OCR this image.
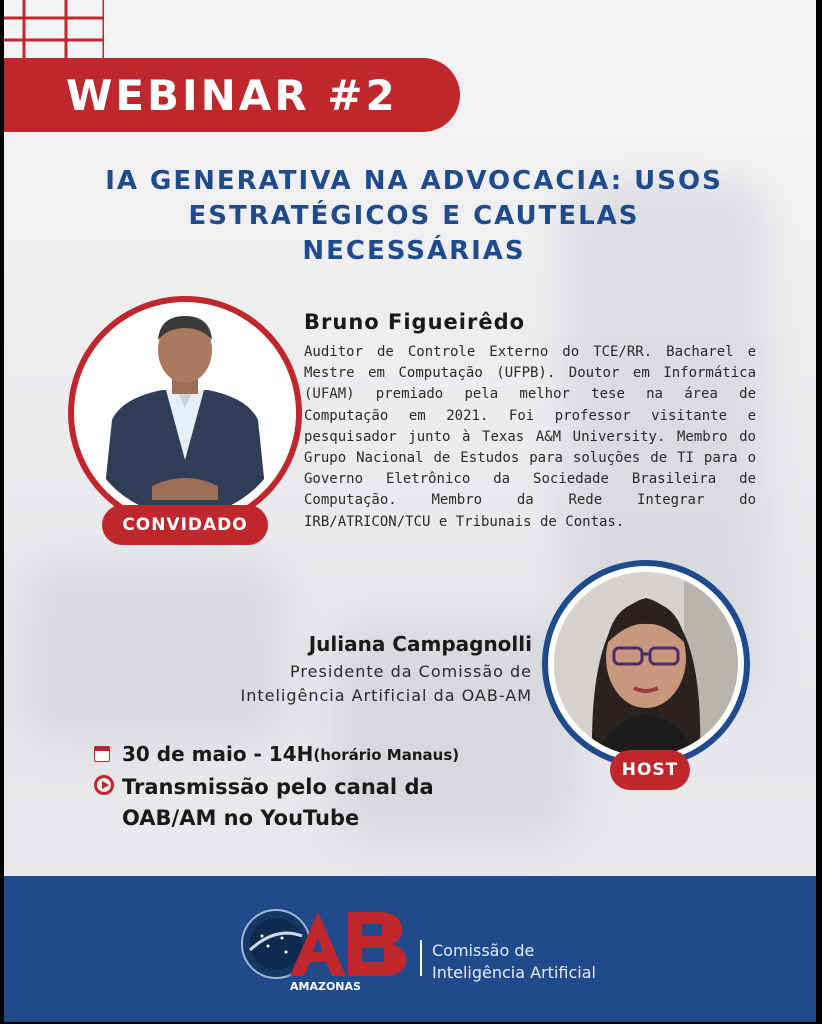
WEBINAR #2
IA GENERATIVA NA ADVOCACIA: USOS
ESTRATÉGICOS E CAUTELAS
NECESSÁRIAS
CONVIDADO
Bruno Figueirêdo
Auditor de Controle Externo do TCE/RR. Bacharel e Mestre em Computação (UFPB). Doutor em Informática (UFAM) premiado pela melhor tese na área de Computação em 2021. Foi professor visitante e pesquisador junto à Texas A&M University. Membro do Grupo Nacional de Estudos para soluções de TI para o Governo Eletrônico da Sociedade Brasileira de Computação. Membro da Rede Integrar do IRB/ATRICON/TCU e Tribunais de Contas.
Juliana Campagnolli
Presidente da Comissão de
Inteligência Artificial da OAB-AM
HOST
30 de maio - 14H (horário Manaus)
Transmissão pelo canal da
OAB/AM no YouTube
AMAZONAS
Comissão de
Inteligência Artificial
